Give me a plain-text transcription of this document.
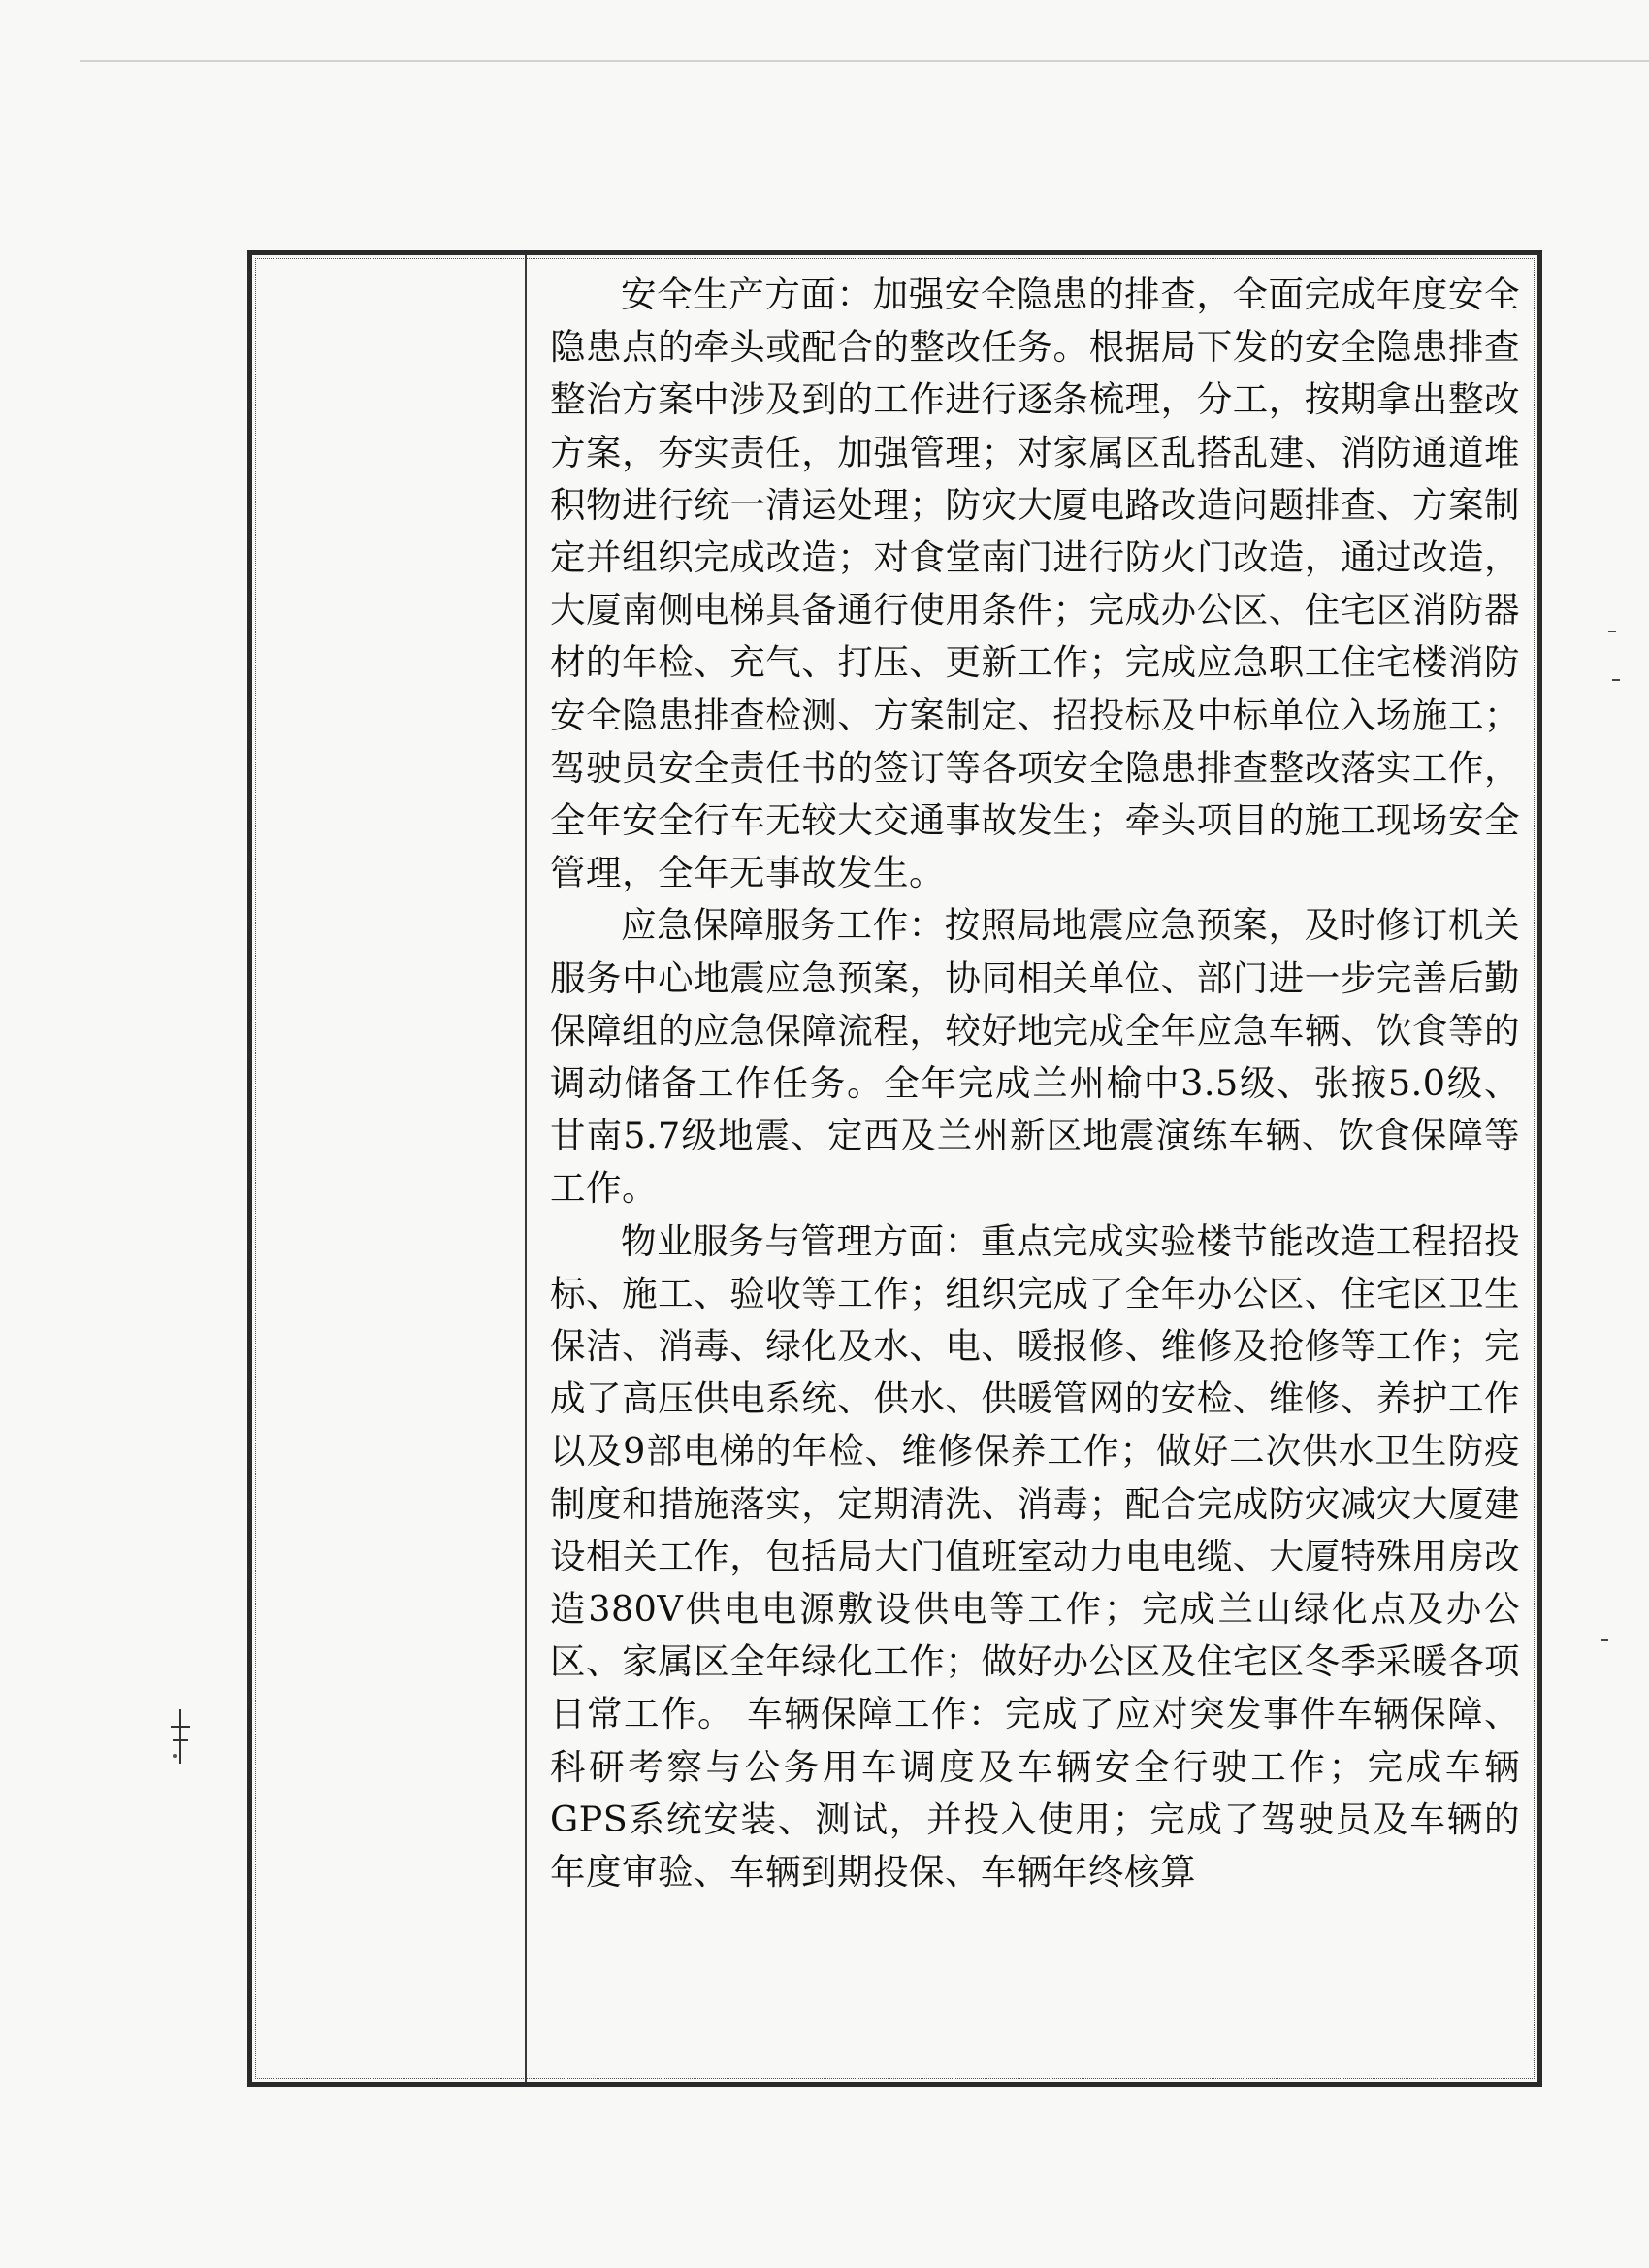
安全生产方面：加强安全隐患的排查，全面完成年度安全隐患点的牵头或配合的整改任务。根据局下发的安全隐患排查整治方案中涉及到的工作进行逐条梳理，分工，按期拿出整改方案，夯实责任，加强管理；对家属区乱搭乱建、消防通道堆积物进行统一清运处理；防灾大厦电路改造问题排查、方案制定并组织完成改造；对食堂南门进行防火门改造，通过改造，大厦南侧电梯具备通行使用条件；完成办公区、住宅区消防器材的年检、充气、打压、更新工作；完成应急职工住宅楼消防安全隐患排查检测、方案制定、招投标及中标单位入场施工；驾驶员安全责任书的签订等各项安全隐患排查整改落实工作，全年安全行车无较大交通事故发生；牵头项目的施工现场安全管理，全年无事故发生。

应急保障服务工作：按照局地震应急预案，及时修订机关服务中心地震应急预案，协同相关单位、部门进一步完善后勤保障组的应急保障流程，较好地完成全年应急车辆、饮食等的调动储备工作任务。全年完成兰州榆中3.5级、张掖5.0级、甘南5.7级地震、定西及兰州新区地震演练车辆、饮食保障等工作。

物业服务与管理方面：重点完成实验楼节能改造工程招投标、施工、验收等工作；组织完成了全年办公区、住宅区卫生保洁、消毒、绿化及水、电、暖报修、维修及抢修等工作；完成了高压供电系统、供水、供暖管网的安检、维修、养护工作以及9部电梯的年检、维修保养工作；做好二次供水卫生防疫制度和措施落实，定期清洗、消毒；配合完成防灾减灾大厦建设相关工作，包括局大门值班室动力电电缆、大厦特殊用房改造380V供电电源敷设供电等工作；完成兰山绿化点及办公区、家属区全年绿化工作；做好办公区及住宅区冬季采暖各项日常工作。 车辆保障工作：完成了应对突发事件车辆保障、科研考察与公务用车调度及车辆安全行驶工作；完成车辆GPS系统安装、测试，并投入使用；完成了驾驶员及车辆的年度审验、车辆到期投保、车辆年终核算
